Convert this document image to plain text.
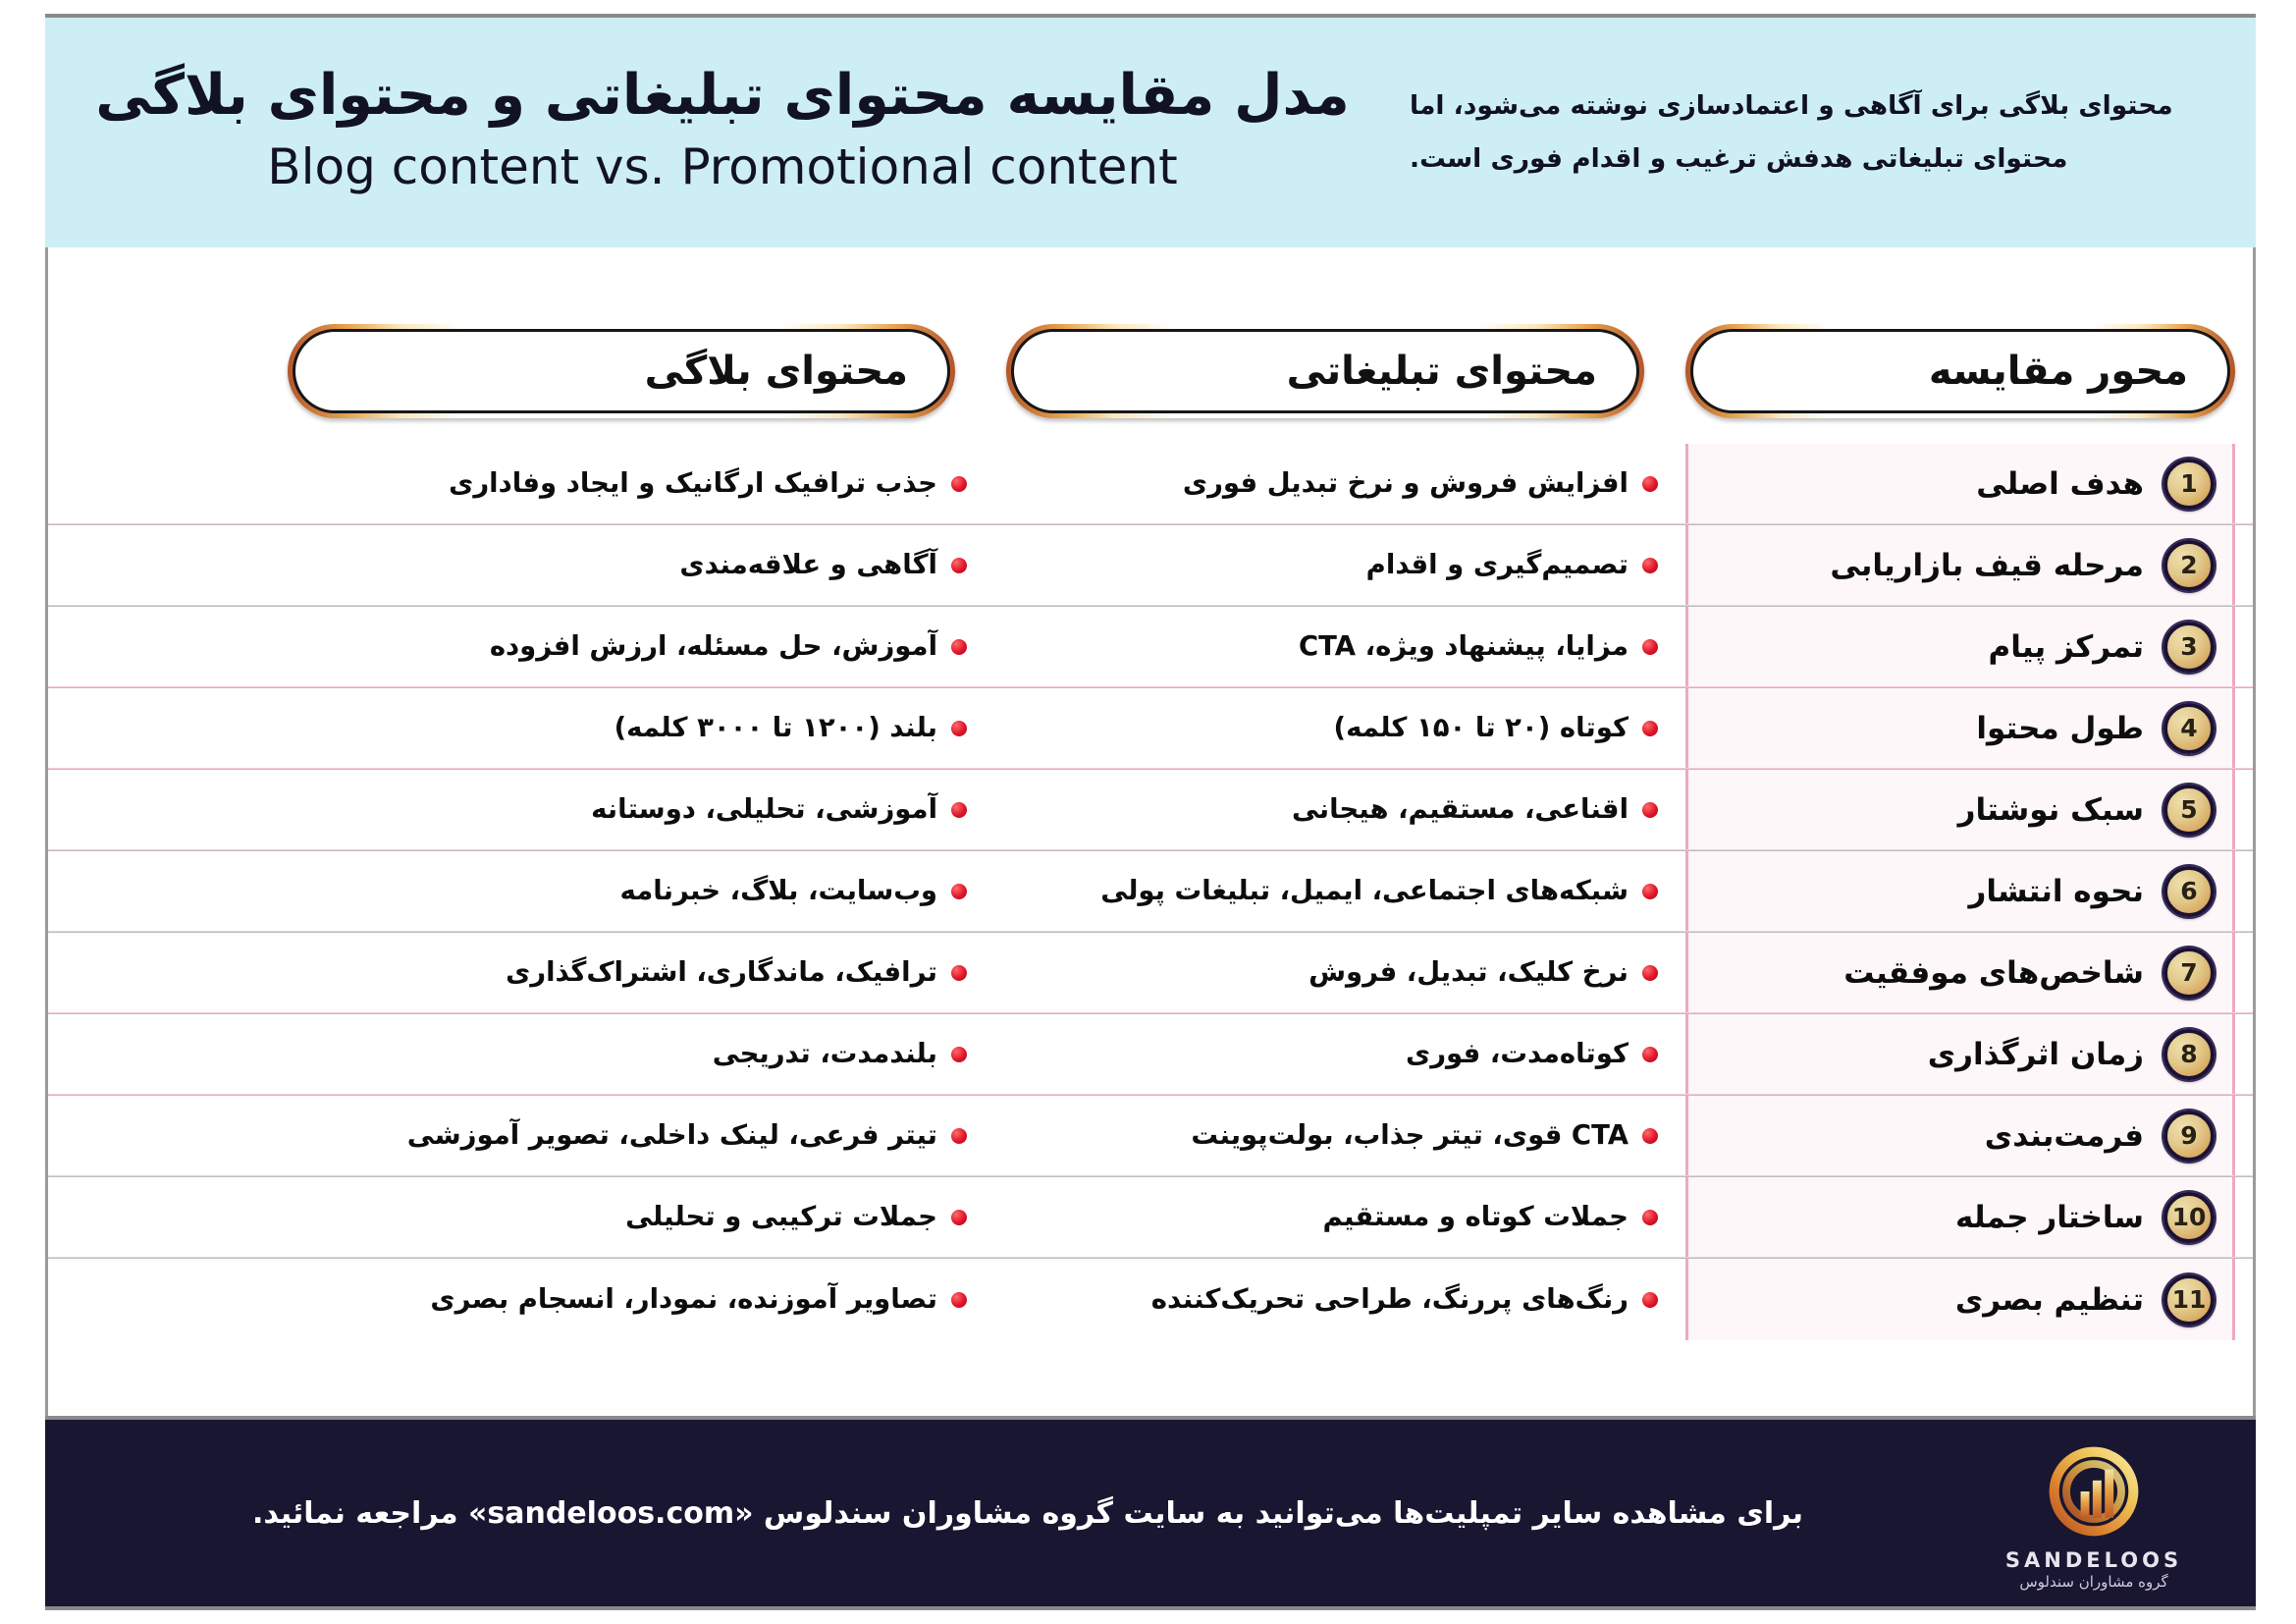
مدل مقایسه محتوای تبلیغاتی و محتوای بلاگی
Blog content vs. Promotional content

محتوای بلاگی برای آگاهی و اعتمادسازی نوشته می‌شود، اما

محتوای تبلیغاتی هدفش ترغیب و اقدام فوری است.

محور مقایسه
محتوای تبلیغاتی
محتوای بلاگی
1
هدف اصلی
افزایش فروش و نرخ تبدیل فوری
جذب ترافیک ارگانیک و ایجاد وفاداری
2
مرحله قیف بازاریابی
تصمیم‌گیری و اقدام
آگاهی و علاقه‌مندی
3
تمرکز پیام
مزایا، پیشنهاد ویژه، CTA
آموزش، حل مسئله، ارزش افزوده
4
طول محتوا
کوتاه (۲۰ تا ۱۵۰ کلمه)
بلند (۱۲۰۰ تا ۳۰۰۰ کلمه)
5
سبک نوشتار
اقناعی، مستقیم، هیجانی
آموزشی، تحلیلی، دوستانه
6
نحوه انتشار
شبکه‌های اجتماعی، ایمیل، تبلیغات پولی
وب‌سایت، بلاگ، خبرنامه
7
شاخص‌های موفقیت
نرخ کلیک، تبدیل، فروش
ترافیک، ماندگاری، اشتراک‌گذاری
8
زمان اثرگذاری
کوتاه‌مدت، فوری
بلندمدت، تدریجی
9
فرمت‌بندی
CTA قوی، تیتر جذاب، بولت‌پوینت
تیتر فرعی، لینک داخلی، تصویر آموزشی
10
ساختار جمله
جملات کوتاه و مستقیم
جملات ترکیبی و تحلیلی
11
تنظیم بصری
رنگ‌های پررنگ، طراحی تحریک‌کننده
تصاویر آموزنده، نمودار، انسجام بصری
SANDELOOS
گروه مشاوران سندلوس

برای مشاهده سایر تمپلیت‌ها می‌توانید به سایت گروه مشاوران سندلوس «sandeloos.com» مراجعه نمائید.
